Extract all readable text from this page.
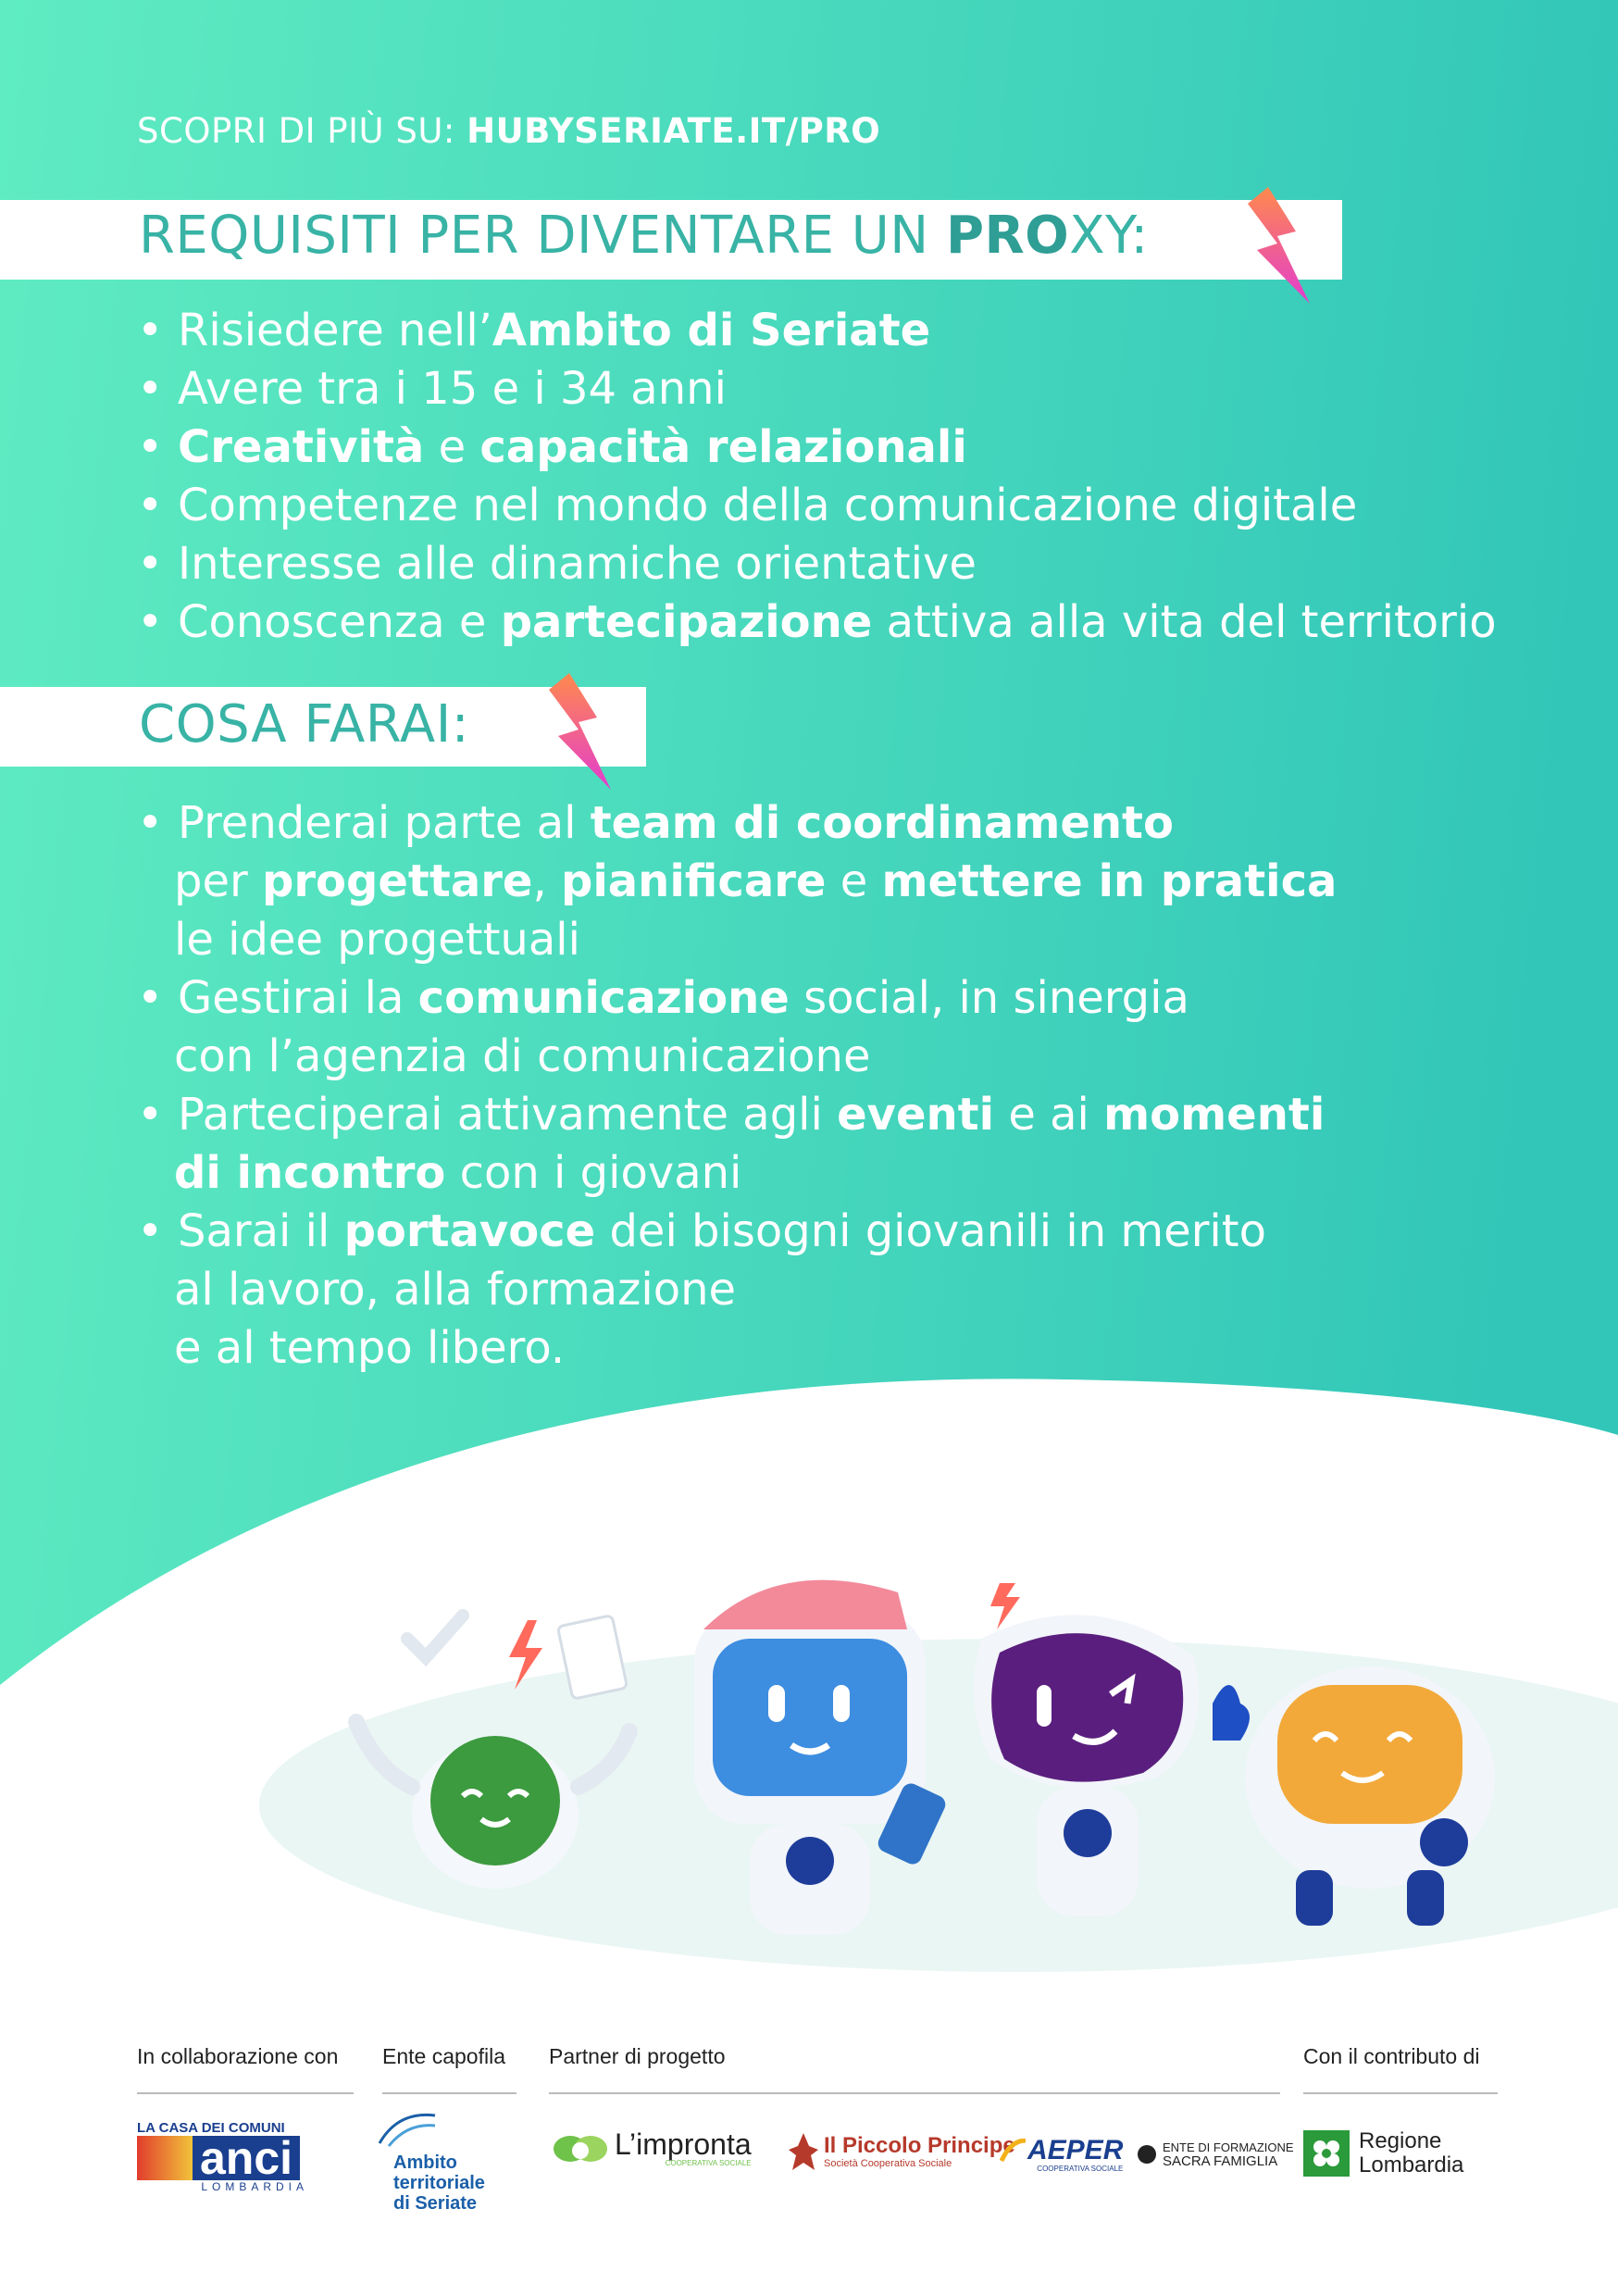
SCOPRI DI PIÙ SU: HUBYSERIATE.IT/PRO
REQUISITI PER DIVENTARE UN PROXY:
• Risiedere nell’Ambito di Seriate
• Avere tra i 15 e i 34 anni
• Creatività e capacità relazionali
• Competenze nel mondo della comunicazione digitale
• Interesse alle dinamiche orientative
• Conoscenza e partecipazione attiva alla vita del territorio
COSA FARAI:
• Prenderai parte al team di coordinamento
per progettare, pianificare e mettere in pratica
le idee progettuali
• Gestirai la comunicazione social, in sinergia
con l’agenzia di comunicazione
• Parteciperai attivamente agli eventi e ai momenti
di incontro con i giovani
• Sarai il portavoce dei bisogni giovanili in merito
al lavoro, alla formazione
e al tempo libero.
In collaborazione con Ente capofila Partner di progetto	Con il contributo di
LA CASA DEI COMUNI
anci
LOMBARDIA
Ambito
territoriale
di Seriate
L’impronta
COOPERATIVA SOCIALE
Il Piccolo Principe
Società Cooperativa Sociale	AEPER
COOPERATIVA SOCIALE
ENTE DI FORMAZIONE
SACRA FAMIGLIA
Regione
Lombardia
